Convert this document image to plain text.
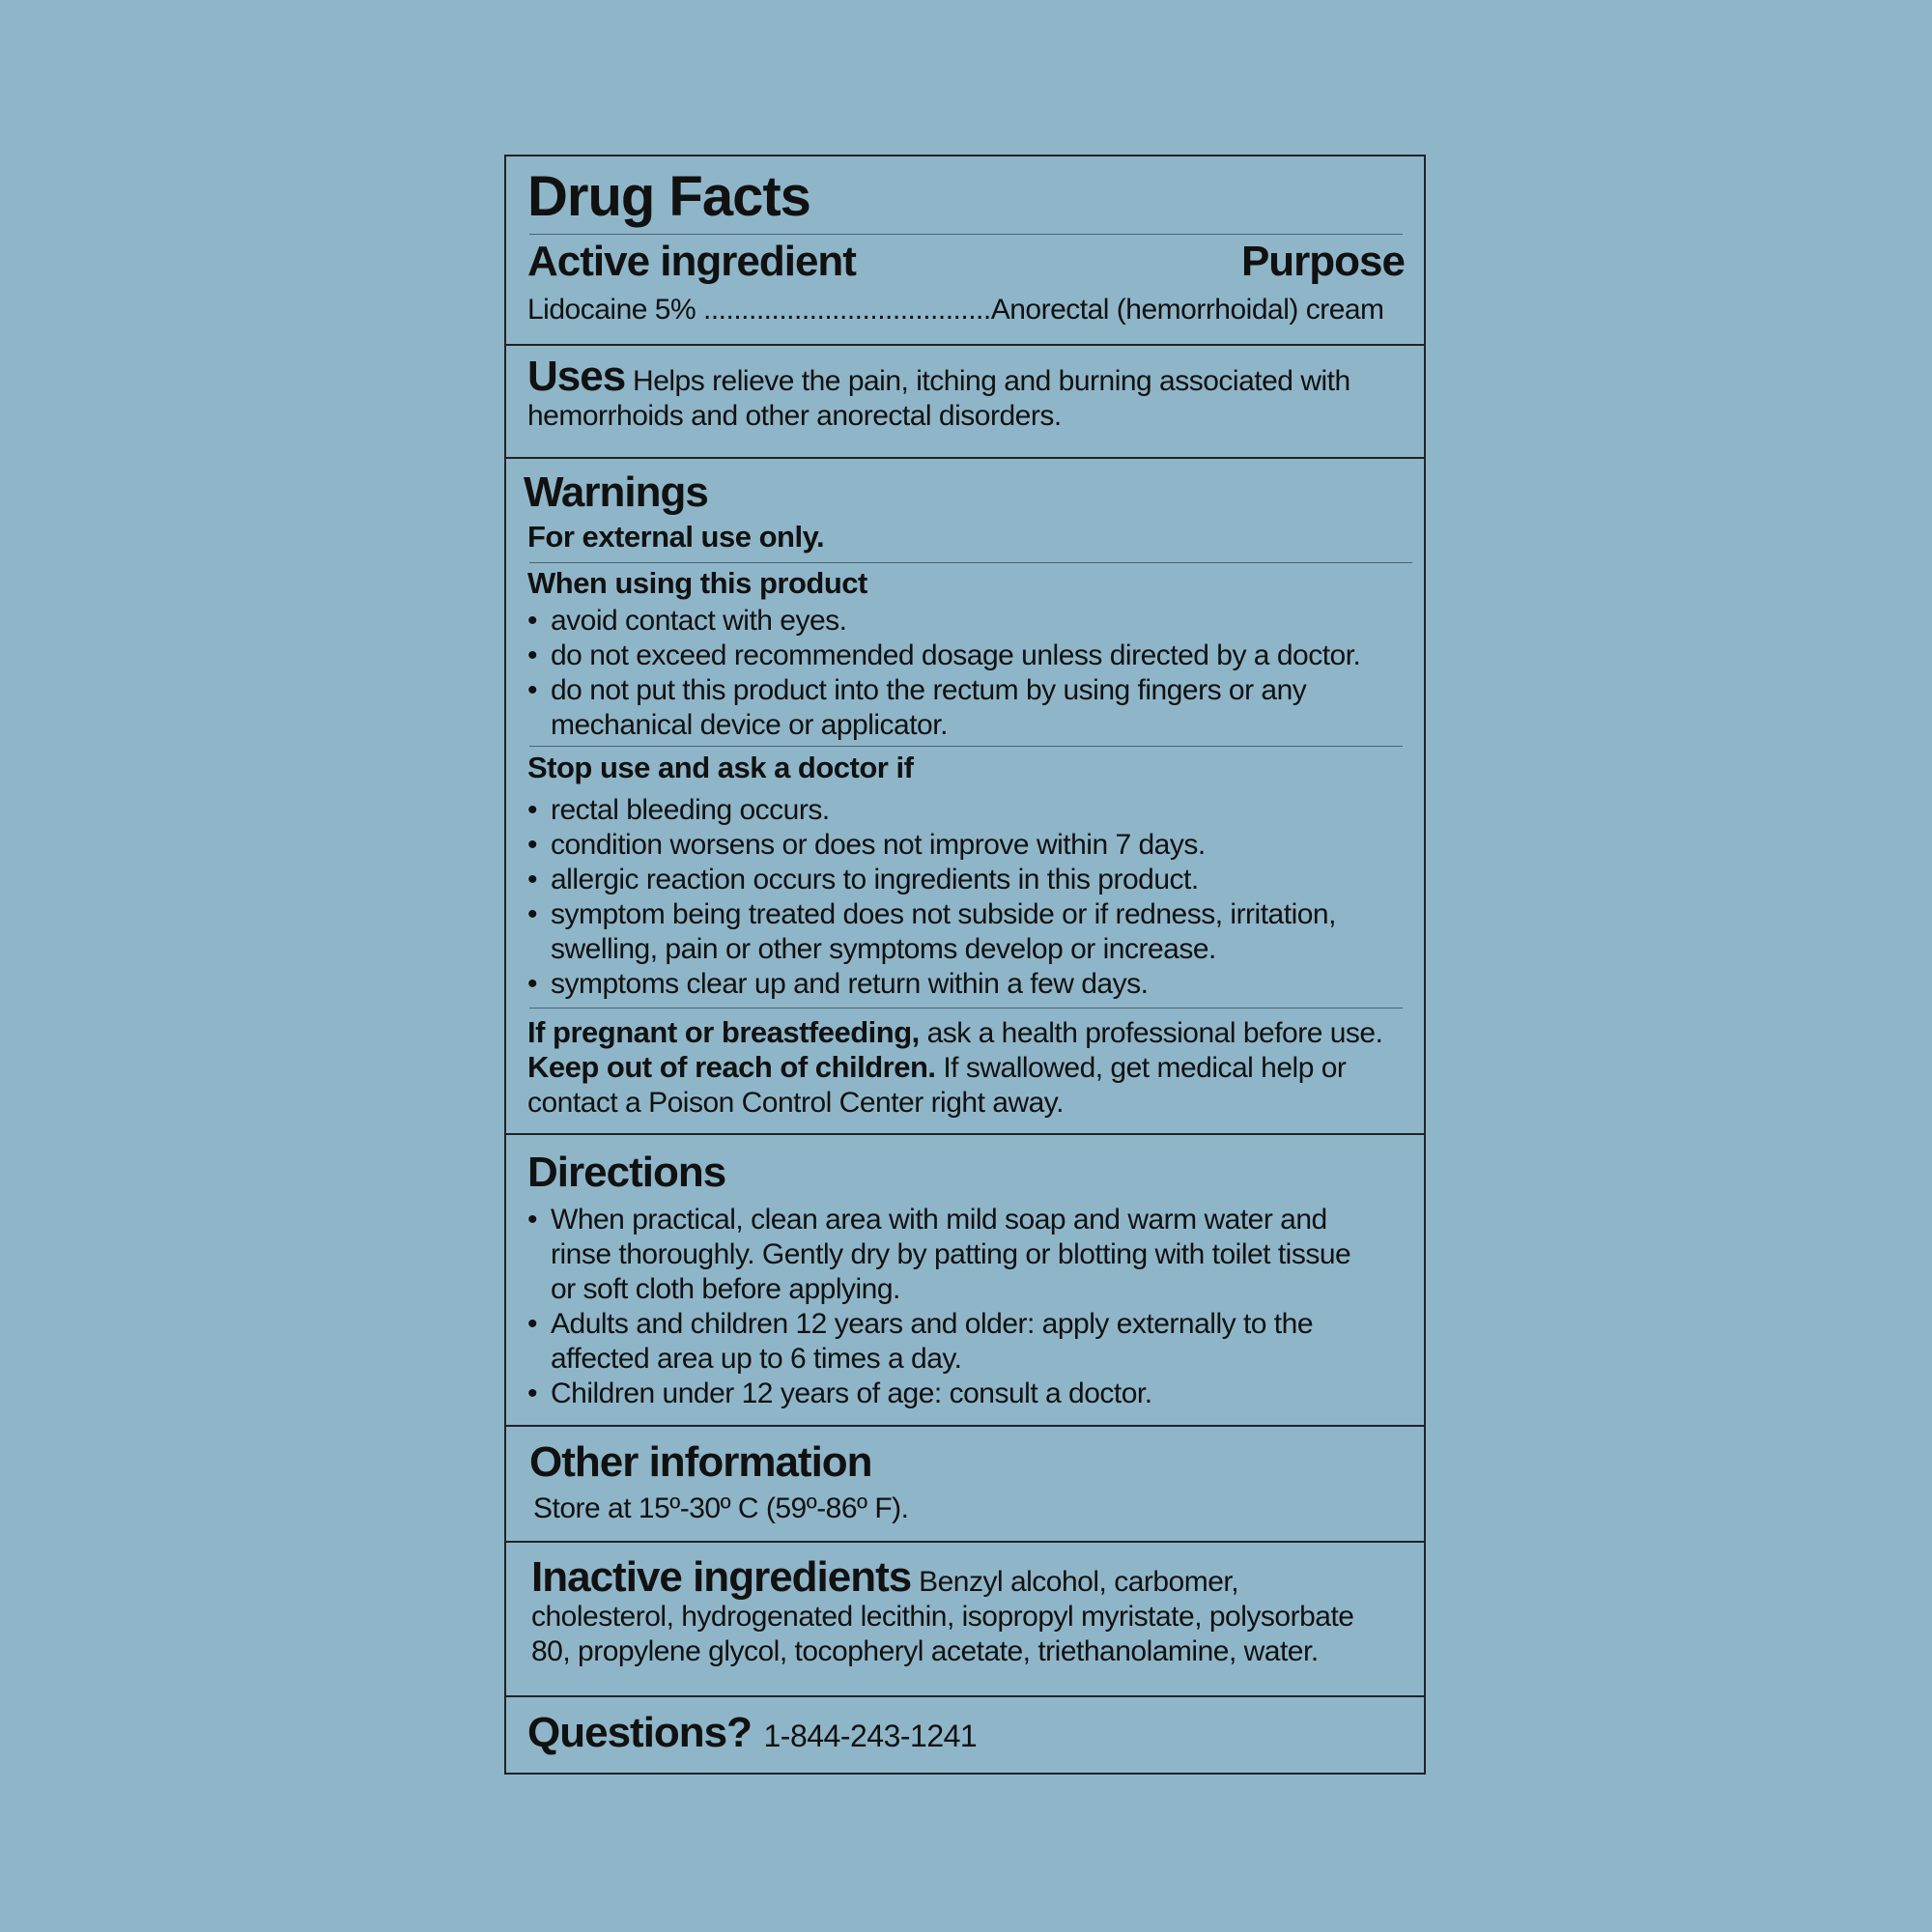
Drug Facts
Active ingredient	Purpose
Lidocaine 5% ......................................Anorectal (hemorrhoidal) cream
Uses Helps relieve the pain, itching and burning associated with hemorrhoids and other anorectal disorders.
Warnings
For external use only.
When using this product
• avoid contact with eyes.
• do not exceed recommended dosage unless directed by a doctor.
• do not put this product into the rectum by using fingers or any mechanical device or applicator.
Stop use and ask a doctor if
• rectal bleeding occurs.
• condition worsens or does not improve within 7 days.
• allergic reaction occurs to ingredients in this product.
• symptom being treated does not subside or if redness, irritation, swelling, pain or other symptoms develop or increase.
• symptoms clear up and return within a few days.
If pregnant or breastfeeding, ask a health professional before use.
Keep out of reach of children. If swallowed, get medical help or contact a Poison Control Center right away.
Directions
• When practical, clean area with mild soap and warm water and rinse thoroughly. Gently dry by patting or blotting with toilet tissue or soft cloth before applying.
• Adults and children 12 years and older: apply externally to the affected area up to 6 times a day.
• Children under 12 years of age: consult a doctor.
Other information
Store at 15º-30º C (59º-86º F).
Inactive ingredients Benzyl alcohol, carbomer, cholesterol, hydrogenated lecithin, isopropyl myristate, polysorbate 80, propylene glycol, tocopheryl acetate, triethanolamine, water.
Questions? 1-844-243-1241
